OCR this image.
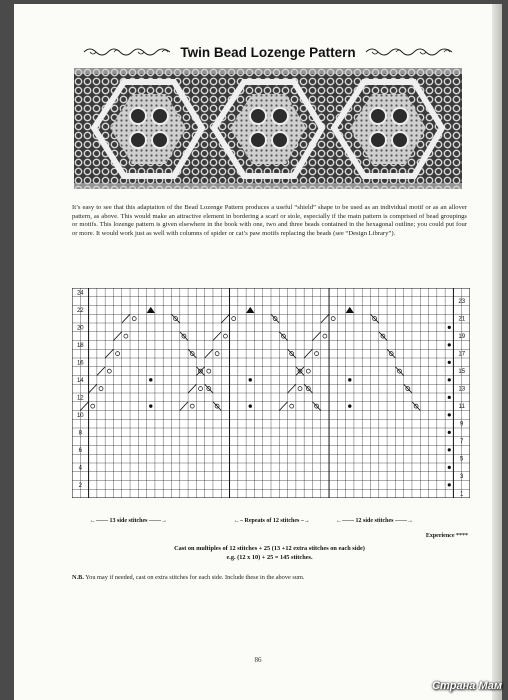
Twin Bead Lozenge Pattern

It’s easy to see that this adaptation of the Bead Lozenge Pattern produces a useful “shield” shape to be used as an individual motif or as an allover pattern, as above. This would make an attractive element in bordering a scarf or stole, especially if the main pattern is comprised of bead groupings or motifs. This lozenge pattern is given elsewhere in the book with one, two and three beads contained in the hexagonal outline; you could put four or more. It would work just as well with columns of spider or cat’s paw motifs replacing the beads (see “Design Library”).

24
22
20
18
16
14
12
10
8
6
4
2
23
21
19
17
15
13
11
9
7
5
3
1
←—— 13 side stitches ——→	←– Repeats of 12 stitches –→	←—— 12 side stitches ——→
Experience ****
Cast on multiples of 12 stitches + 25 (13 +12 extra stitches on each side)
e.g. (12 x 10) + 25 = 145 stitches.
N.B. You may if needed, cast on extra stitches for each side. Include these in the above sum.
86
Страна Мам
